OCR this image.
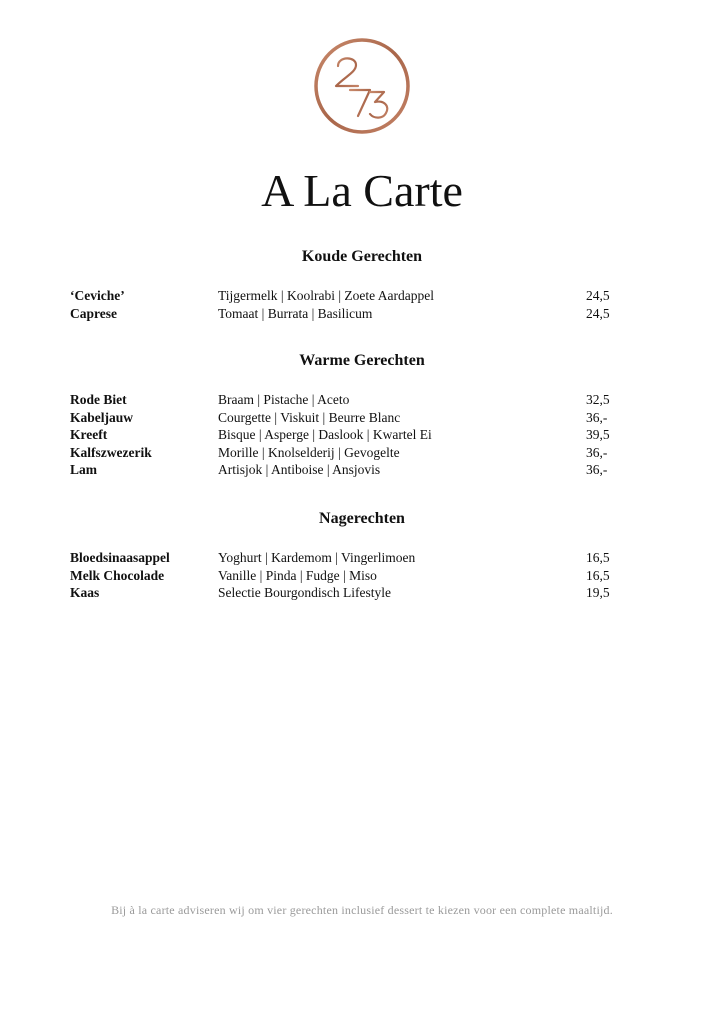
A La Carte
Koude Gerechten
‘Ceviche’	Tijgermelk | Koolrabi | Zoete Aardappel	24,5
Caprese	Tomaat | Burrata | Basilicum	24,5
Warme Gerechten
Rode Biet	Braam | Pistache | Aceto	32,5
Kabeljauw	Courgette | Viskuit | Beurre Blanc	36,-
Kreeft	Bisque | Asperge | Daslook | Kwartel Ei	39,5
Kalfszwezerik	Morille | Knolselderij | Gevogelte	36,-
Lam	Artisjok | Antiboise | Ansjovis	36,-
Nagerechten
Bloedsinaasappel	Yoghurt | Kardemom | Vingerlimoen	16,5
Melk Chocolade	Vanille | Pinda | Fudge | Miso	16,5
Kaas	Selectie Bourgondisch Lifestyle	19,5

Bij à la carte adviseren wij om vier gerechten inclusief dessert te kiezen voor een complete maaltijd.
